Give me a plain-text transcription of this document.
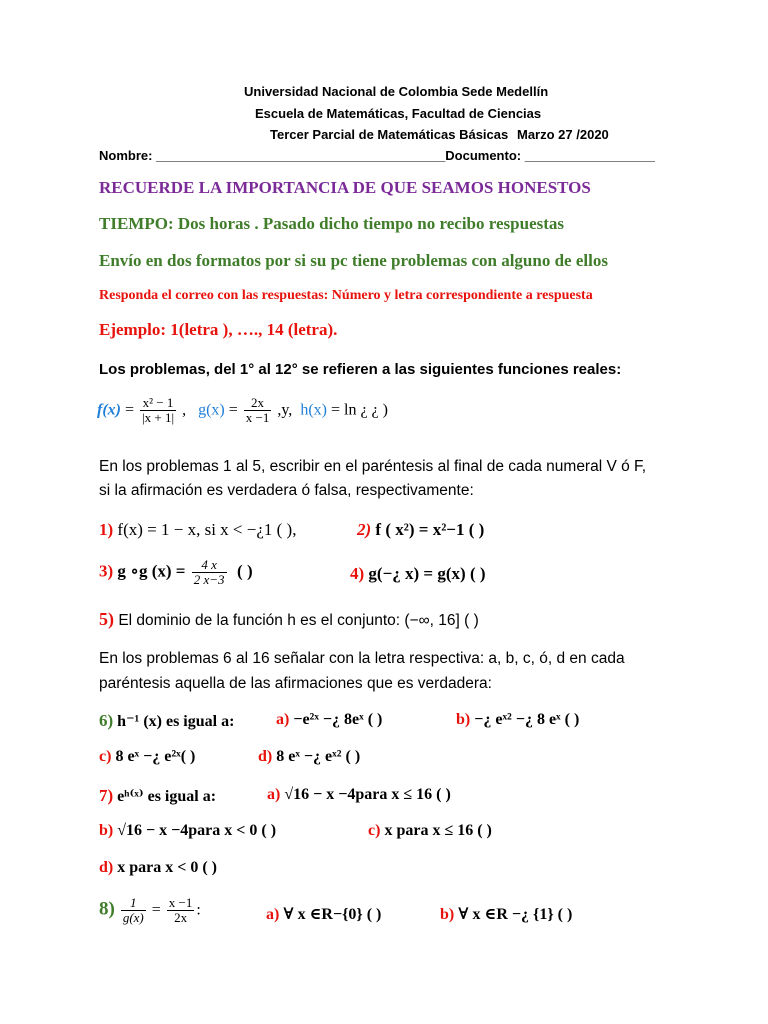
Universidad Nacional de Colombia Sede Medellín
Escuela de Matemáticas, Facultad de Ciencias
Tercer Parcial de Matemáticas Básicas Marzo 27 /2020
Nombre: ________________________________________Documento: __________________
RECUERDE LA IMPORTANCIA DE QUE SEAMOS HONESTOS
TIEMPO: Dos horas . Pasado dicho tiempo no recibo respuestas
Envío en dos formatos por si su pc tiene problemas con alguno de ellos
Responda el correo con las respuestas: Número y letra correspondiente a respuesta
Ejemplo: 1(letra ), …., 14 (letra).
Los problemas, del 1° al 12° se refieren a las siguientes funciones reales:
$f(x) = \frac{\text{x² − 1}}{|x + 1|}$ ,   $g(x) = \frac{2x}{x -1} ,y$, h(x) = ln ¿ ¿ )
En los problemas 1 al 5, escribir en el paréntesis al final de cada numeral V ó F,
si la afirmación es verdadera ó falsa, respectivamente:
1) f(x) = 1 − x, si x < −¿1 ( ),	2) f ( x²) = x²−1 ( )
3) g ∘g $(x) = \frac{4 x}{2 x-3}$ ( )	4) g(−¿ x) = g(x) ( )
5) El dominio de la función h es el conjunto: (−∞, 16] ( )
En los problemas 6 al 16 señalar con la letra respectiva: a, b, c, ó, d en cada
paréntesis aquella de las afirmaciones que es verdadera:
6) h⁻¹ (x) es igual a:	a) −e²ˣ −¿ 8eˣ ( )	b) −¿ eˣ² −¿ 8 eˣ ( )
c) 8 eˣ −¿ e²ˣ( )	d) 8 eˣ −¿ eˣ² ( )
7) eʰ⁽ˣ⁾ es igual a:	a) √16 − x −4para x ≤ 16 ( )
b) √16 − x −4para x < 0 ( )	c) x para x ≤ 16 ( )
d) x para x < 0 ( )
$8) \frac{1}{g(x)} = \frac{x -1}{2x}$ :	a) ∀ x ∈R−{0} ( )	b) ∀ x ∈R −¿ {1} ( )
